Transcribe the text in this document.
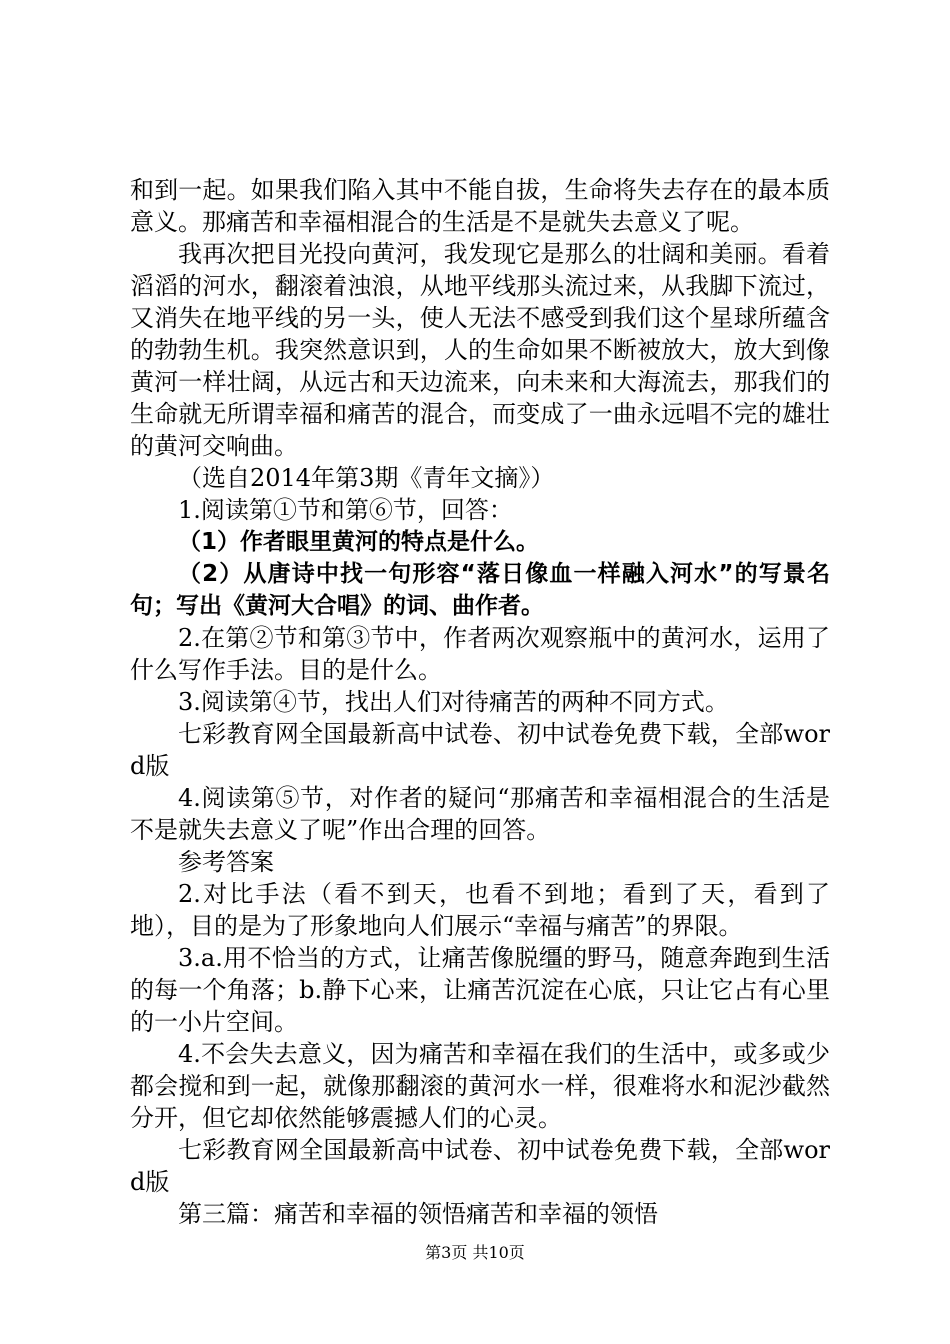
和到一起。如果我们陷入其中不能自拔，生命将失去存在的最本质意义。那痛苦和幸福相混合的生活是不是就失去意义了呢。

我再次把目光投向黄河，我发现它是那么的壮阔和美丽。看着滔滔的河水，翻滚着浊浪，从地平线那头流过来，从我脚下流过，又消失在地平线的另一头，使人无法不感受到我们这个星球所蕴含的勃勃生机。我突然意识到，人的生命如果不断被放大，放大到像黄河一样壮阔，从远古和天边流来，向未来和大海流去，那我们的生命就无所谓幸福和痛苦的混合，而变成了一曲永远唱不完的雄壮的黄河交响曲。

（选自2014年第3期《青年文摘》）

1.阅读第①节和第⑥节，回答：

（1）作者眼里黄河的特点是什么。

（2）从唐诗中找一句形容“落日像血一样融入河水”的写景名句；写出《黄河大合唱》的词、曲作者。

2.在第②节和第③节中，作者两次观察瓶中的黄河水，运用了什么写作手法。目的是什么。

3.阅读第④节，找出人们对待痛苦的两种不同方式。

七彩教育网全国最新高中试卷、初中试卷免费下载，全部word版

4.阅读第⑤节，对作者的疑问“那痛苦和幸福相混合的生活是不是就失去意义了呢”作出合理的回答。

参考答案

2.对比手法（看不到天，也看不到地；看到了天，看到了地），目的是为了形象地向人们展示“幸福与痛苦”的界限。

3.a.用不恰当的方式，让痛苦像脱缰的野马，随意奔跑到生活的每一个角落；b.静下心来，让痛苦沉淀在心底，只让它占有心里的一小片空间。

4.不会失去意义，因为痛苦和幸福在我们的生活中，或多或少都会搅和到一起，就像那翻滚的黄河水一样，很难将水和泥沙截然分开，但它却依然能够震撼人们的心灵。

七彩教育网全国最新高中试卷、初中试卷免费下载，全部word版

第三篇：痛苦和幸福的领悟痛苦和幸福的领悟

第3页 共10页
